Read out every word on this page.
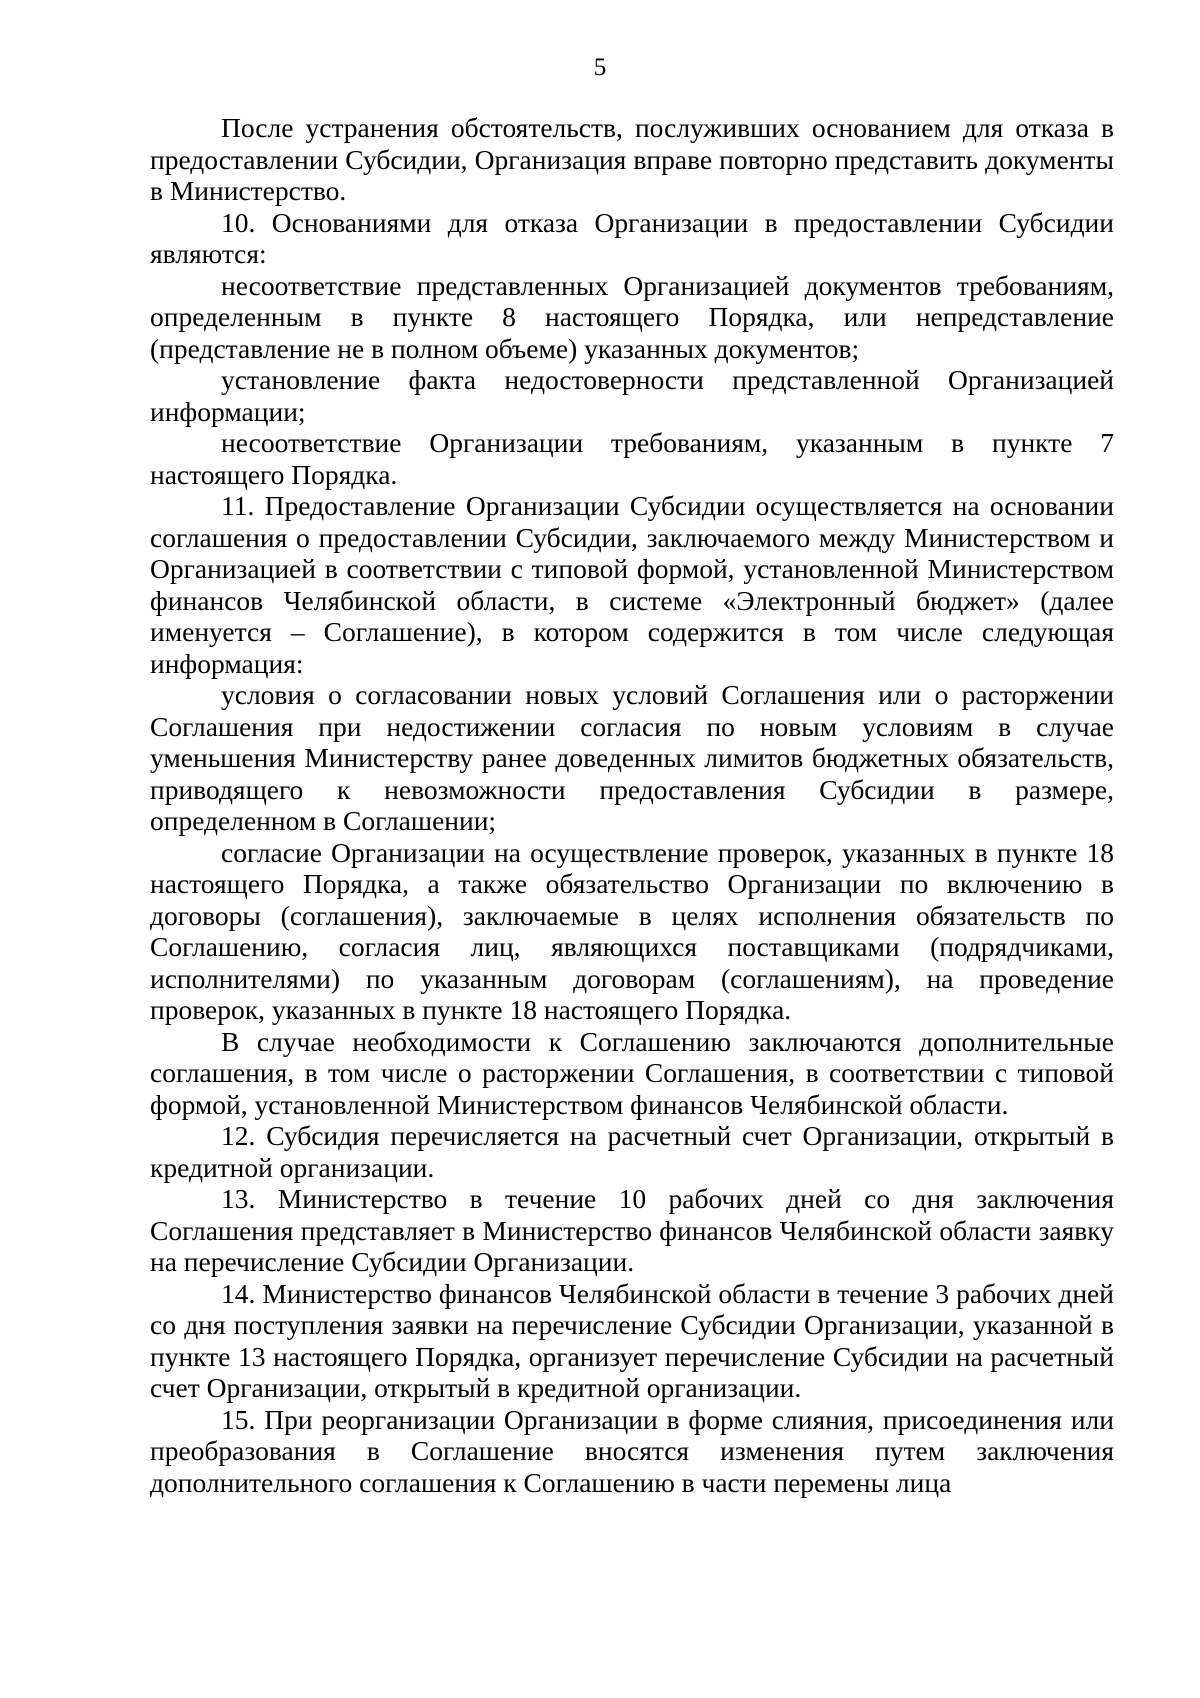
5

После устранения обстоятельств, послуживших основанием для отказа в предоставлении Субсидии, Организация вправе повторно представить документы в Министерство.

10. Основаниями для отказа Организации в предоставлении Субсидии являются:

несоответствие представленных Организацией документов требованиям, определенным в пункте 8 настоящего Порядка, или непредставление (представление не в полном объеме) указанных документов;

установление факта недостоверности представленной Организацией информации;

несоответствие Организации требованиям, указанным в пункте 7 настоящего Порядка.

11. Предоставление Организации Субсидии осуществляется на основании соглашения о предоставлении Субсидии, заключаемого между Министерством и Организацией в соответствии с типовой формой, установленной Министерством финансов Челябинской области, в системе «Электронный бюджет» (далее именуется – Соглашение), в котором содержится в том числе следующая информация:

условия о согласовании новых условий Соглашения или о расторжении Соглашения при недостижении согласия по новым условиям в случае уменьшения Министерству ранее доведенных лимитов бюджетных обязательств, приводящего к невозможности предоставления Субсидии в размере, определенном в Соглашении;

согласие Организации на осуществление проверок, указанных в пункте 18 настоящего Порядка, а также обязательство Организации по включению в договоры (соглашения), заключаемые в целях исполнения обязательств по Соглашению, согласия лиц, являющихся поставщиками (подрядчиками, исполнителями) по указанным договорам (соглашениям), на проведение проверок, указанных в пункте 18 настоящего Порядка.

В случае необходимости к Соглашению заключаются дополнительные соглашения, в том числе о расторжении Соглашения, в соответствии с типовой формой, установленной Министерством финансов Челябинской области.

12. Субсидия перечисляется на расчетный счет Организации, открытый в кредитной организации.

13. Министерство в течение 10 рабочих дней со дня заключения Соглашения представляет в Министерство финансов Челябинской области заявку на перечисление Субсидии Организации.

14. Министерство финансов Челябинской области в течение 3 рабочих дней со дня поступления заявки на перечисление Субсидии Организации, указанной в пункте 13 настоящего Порядка, организует перечисление Субсидии на расчетный счет Организации, открытый в кредитной организации.

15. При реорганизации Организации в форме слияния, присоединения или преобразования в Соглашение вносятся изменения путем заключения дополнительного соглашения к Соглашению в части перемены лица
